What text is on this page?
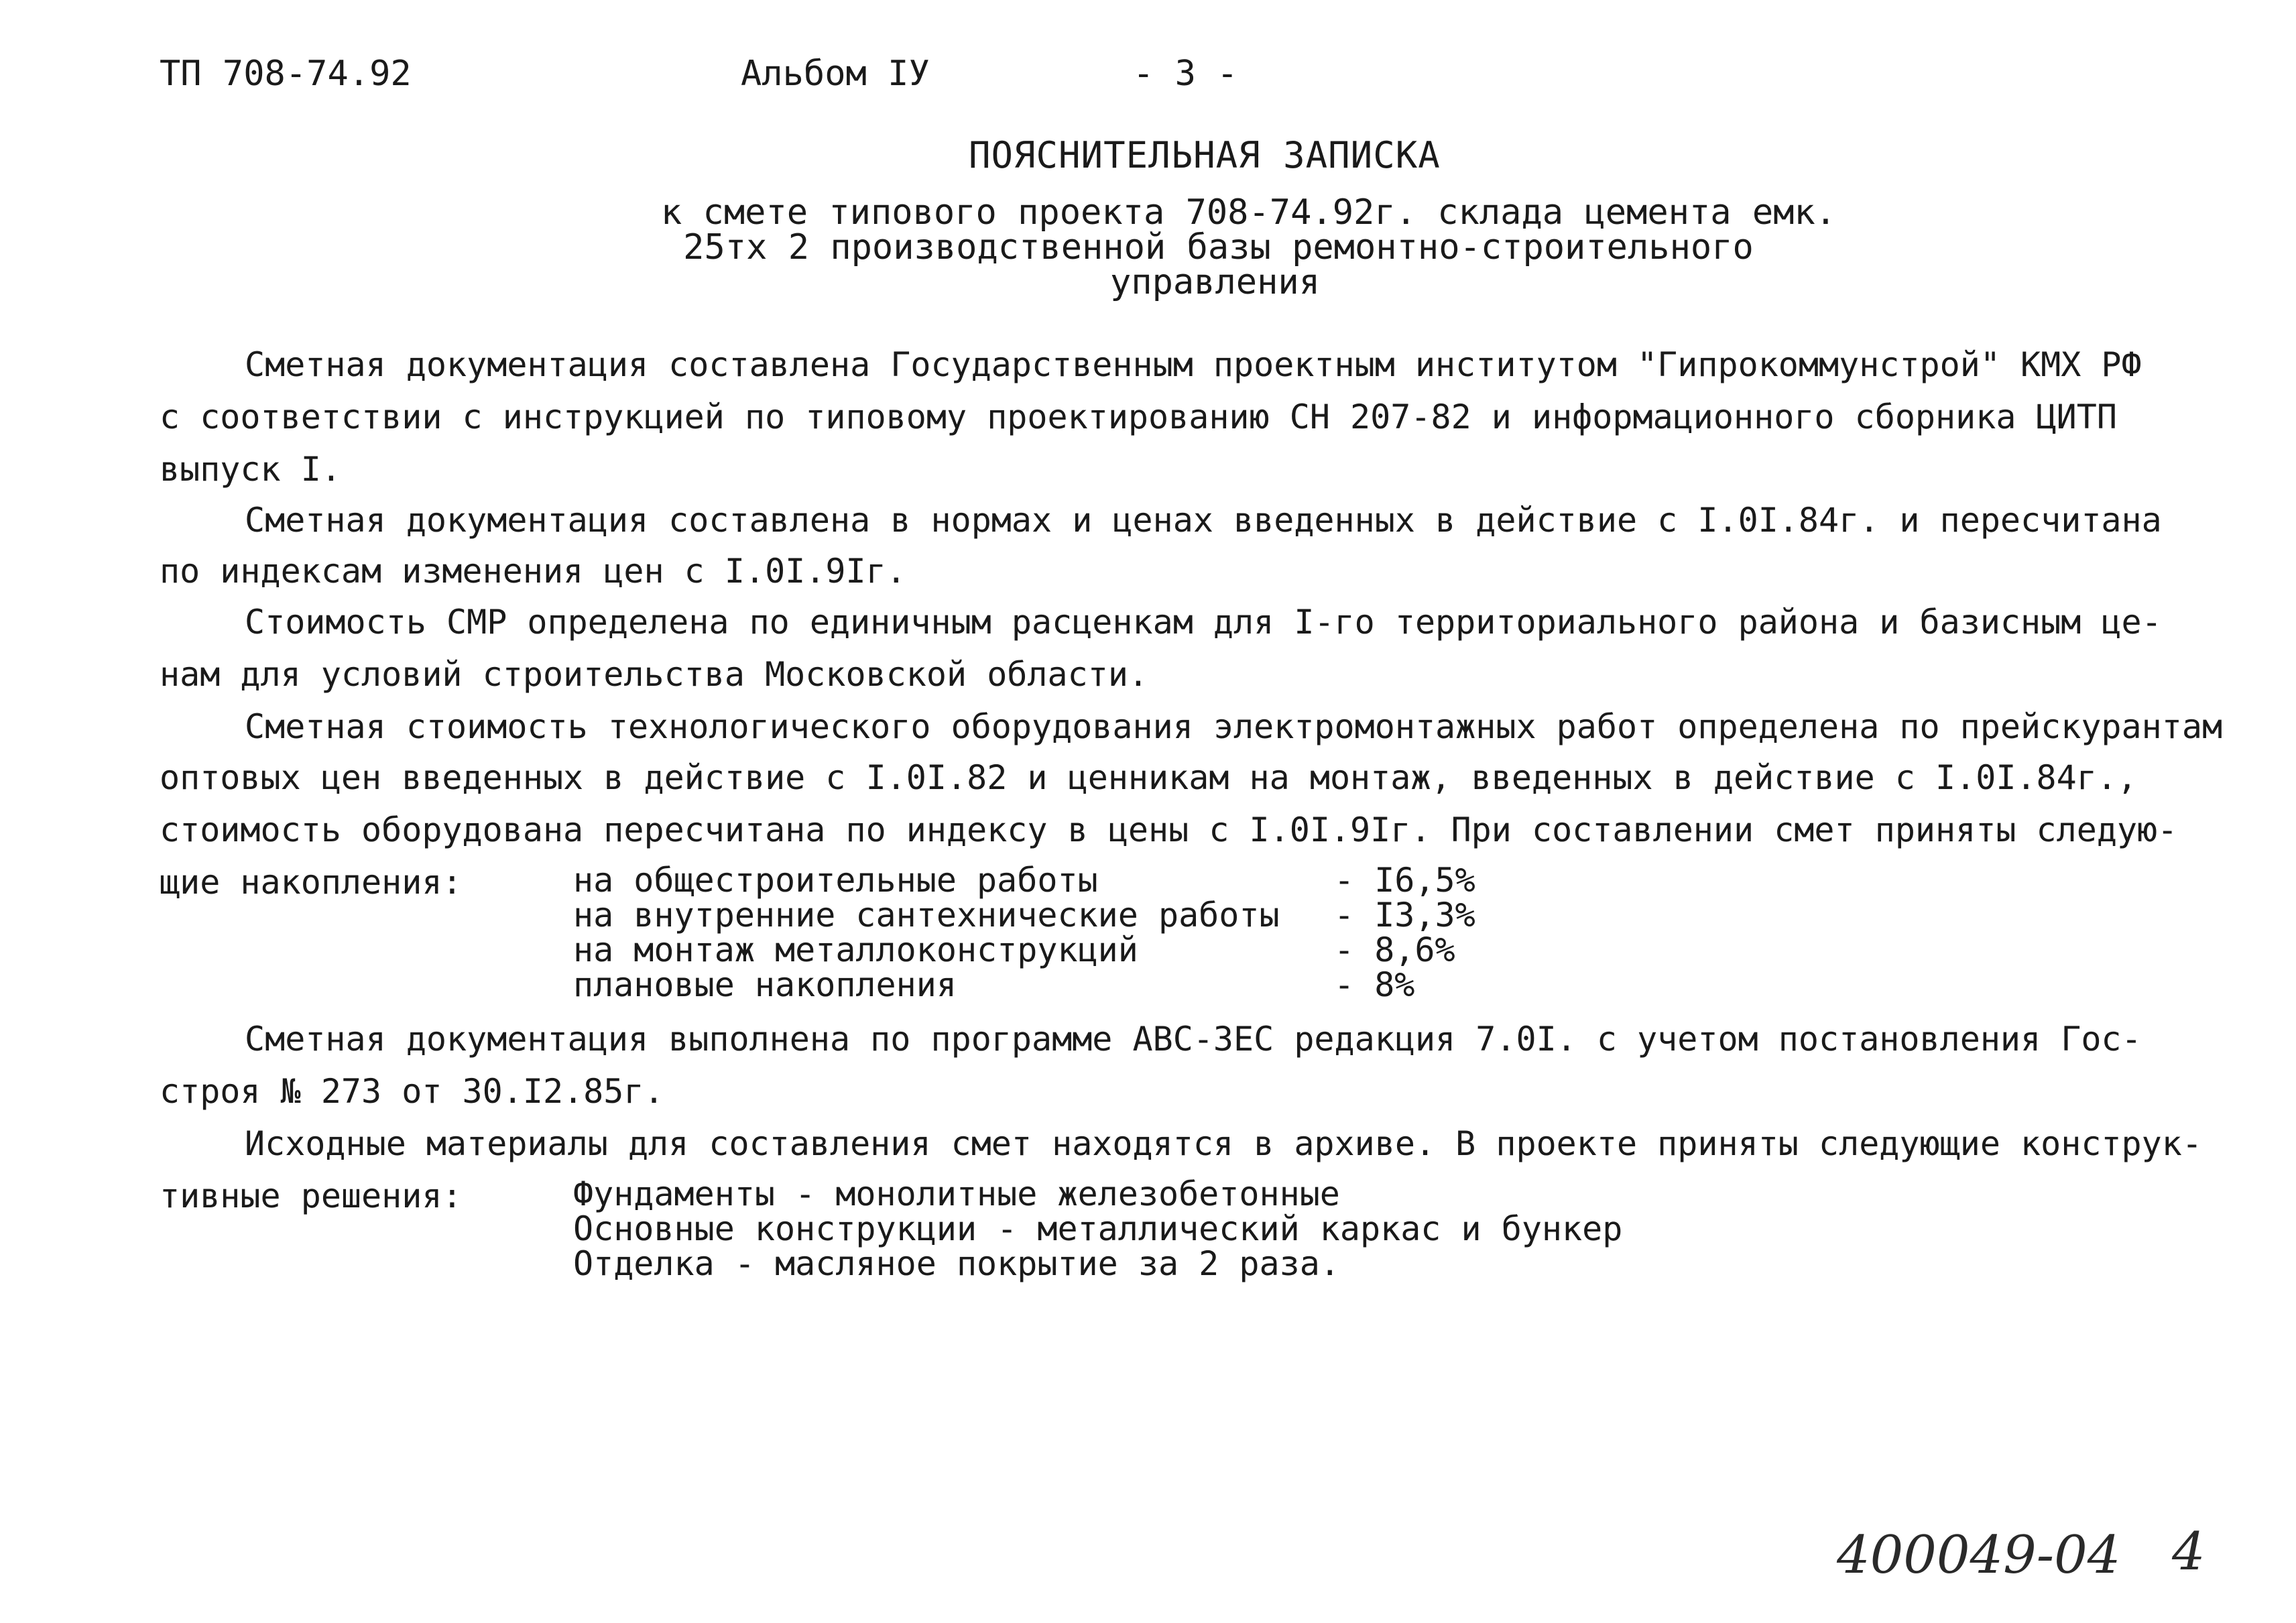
ТП 708-74.92	Альбом IУ	- 3 -
ПОЯСНИТЕЛЬНАЯ ЗАПИСКА
к смете типового проекта 708-74.92г. склада цемента емк.
25тх 2 производственной базы ремонтно-строительного
управления
Сметная документация составлена Государственным проектным институтом "Гипрокоммунстрой" КМХ РФ
с соответствии с инструкцией по типовому проектированию СН 207-82 и информационного сборника ЦИТП
выпуск I.
Сметная документация составлена в нормах и ценах введенных в действие с I.0I.84г. и пересчитана
по индексам изменения цен с I.0I.9Iг.
Стоимость СМР определена по единичным расценкам для I-го территориального района и базисным це-
нам для условий строительства Московской области.
Сметная стоимость технологического оборудования электромонтажных работ определена по прейскурантам
оптовых цен введенных в действие с I.0I.82 и ценникам на монтаж, введенных в действие с I.0I.84г.,
стоимость оборудована пересчитана по индексу в цены с I.0I.9Iг. При составлении смет приняты следую-
щие накопления:	на общестроительные работы	- I6,5%
на внутренние сантехнические работы - I3,3%
на монтаж металлоконструкций	- 8,6%
плановые накопления	- 8%
Сметная документация выполнена по программе АВС-ЗЕС редакция 7.0I. с учетом постановления Гос-
строя № 273 от 30.I2.85г.
Исходные материалы для составления смет находятся в архиве. В проекте приняты следующие конструк-
тивные решения:	Фундаменты - монолитные железобетонные
Основные конструкции - металлический каркас и бункер
Отделка - масляное покрытие за 2 раза.
400049-04 4
